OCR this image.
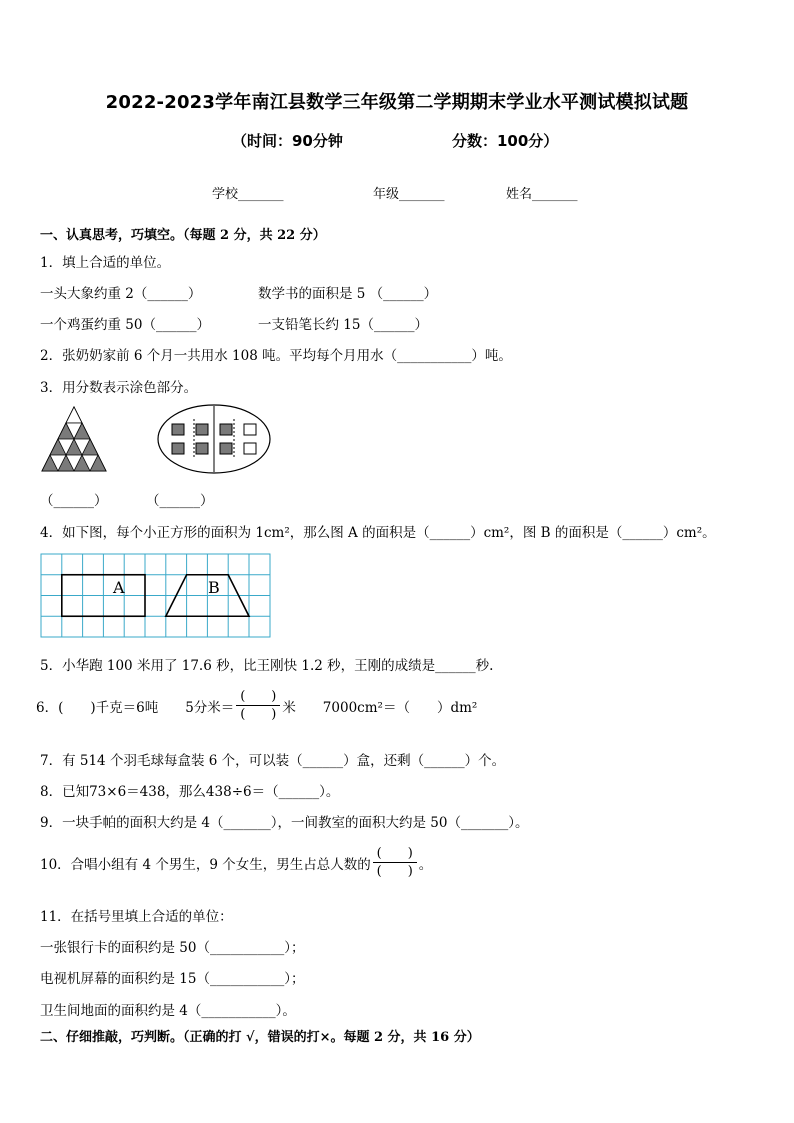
2022-2023学年南江县数学三年级第二学期期末学业水平测试模拟试题
（时间：90分钟	分数：100分）
学校_______	年级_______	姓名_______
一、认真思考，巧填空。（每题 2 分，共 22 分）
1．填上合适的单位。
一头大象约重 2（______）	数学书的面积是 5 （______）
一个鸡蛋约重 50（______）	一支铅笔长约 15（______）
2．张奶奶家前 6 个月一共用水 108 吨。平均每个月用水（___________）吨。
3．用分数表示涂色部分。
（______）	（______）
4．如下图，每个小正方形的面积为 1cm²，那么图 A 的面积是（______）cm²，图 B 的面积是（______）cm²。
A	B
5．小华跑 100 米用了 17.6 秒，比王刚快 1.2 秒，王刚的成绩是______秒.
6．(　　)千克＝6吨　　5分米＝ $\frac{( )}{( )}$ 米　　7000cm²＝（　　）dm²
7．有 514 个羽毛球每盒装 6 个，可以装（______）盒，还剩（______）个。
8．已知73×6＝438，那么438÷6＝（______）。
9．一块手帕的面积大约是 4（_______），一间教室的面积大约是 50（_______）。
10．合唱小组有 4 个男生，9 个女生，男生占总人数的 $\frac{( )}{( )}$ 。
11．在括号里填上合适的单位：
一张银行卡的面积约是 50（___________）；
电视机屏幕的面积约是 15（___________）；
卫生间地面的面积约是 4（___________）。
二、仔细推敲，巧判断。（正确的打 √，错误的打×。每题 2 分，共 16 分）
